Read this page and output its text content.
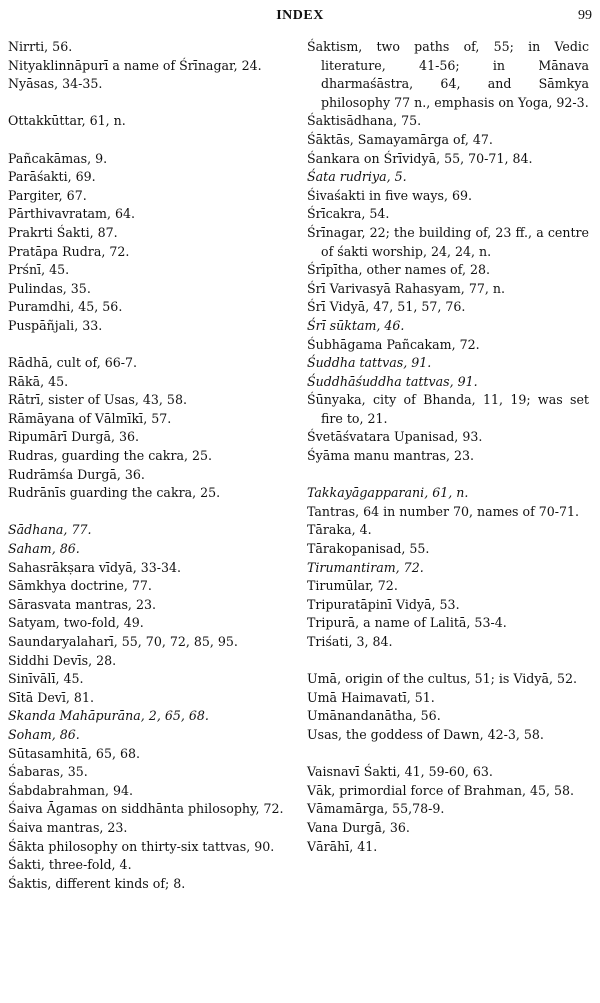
INDEX	99
Nirrti, 56.
Nityaklinnāpurī a name of Śrīnagar, 24.
Nyāsas, 34-35.
Ottakkūttar, 61, n.
Pañcakāmas, 9.
Parāśakti, 69.
Pargiter, 67.
Pārthivavratam, 64.
Prakrti Śakti, 87.
Pratāpa Rudra, 72.
Prśnī, 45.
Pulindas, 35.
Puramdhi, 45, 56.
Puspāñjali, 33.
Rādhā, cult of, 66-7.
Rākā, 45.
Rātrī, sister of Usas, 43, 58.
Rāmāyana of Vālmīkī, 57.
Ripumārī Durgā, 36.
Rudras, guarding the cakra, 25.
Rudrāmśa Durgā, 36.
Rudrānīs guarding the cakra, 25.
Sādhana, 77.
Saham, 86.
Sahasrākṣara vīdyā, 33-34.
Sāmkhya doctrine, 77.
Sārasvata mantras, 23.
Satyam, two-fold, 49.
Saundaryalaharī, 55, 70, 72, 85, 95.
Siddhi Devīs, 28.
Sinīvālī, 45.
Sītā Devī, 81.
Skanda Mahāpurāna, 2, 65, 68.
Soham, 86.
Sūtasamhitā, 65, 68.
Śabaras, 35.
Śabdabrahman, 94.
Śaiva Āgamas on siddhānta philosophy, 72.
Śaiva mantras, 23.
Śākta philosophy on thirty-six tattvas, 90.
Śakti, three-fold, 4.
Śaktis, different kinds of; 8.
Śaktism, two paths of, 55; in Vedic literature, 41-56; in Mānava dharmaśāstra, 64, and Sāmkya philosophy 77 n., emphasis on Yoga, 92-3.
Śaktisādhana, 75.
Śāktās, Samayamārga of, 47.
Śankara on Śrīvidyā, 55, 70-71, 84.
Śata rudriya, 5.
Śivaśakti in five ways, 69.
Śrīcakra, 54.
Śrīnagar, 22; the building of, 23 ff., a centre of śakti worship, 24, 24, n.
Śrīpītha, other names of, 28.
Śrī Varivasyā Rahasyam, 77, n.
Śrī Vidyā, 47, 51, 57, 76.
Śrī sūktam, 46.
Śubhāgama Pañcakam, 72.
Śuddha tattvas, 91.
Śuddhāśuddha tattvas, 91.
Śūnyaka, city of Bhanda, 11, 19; was set fire to, 21.
Śvetāśvatara Upanisad, 93.
Śyāma manu mantras, 23.
Takkayāgapparani, 61, n.
Tantras, 64 in number 70, names of 70-71.
Tāraka, 4.
Tārakopanisad, 55.
Tirumantiram, 72.
Tirumūlar, 72.
Tripuratāpinī Vidyā, 53.
Tripurā, a name of Lalitā, 53-4.
Triśati, 3, 84.
Umā, origin of the cultus, 51; is Vidyā, 52.
Umā Haimavatī, 51.
Umānandanātha, 56.
Usas, the goddess of Dawn, 42-3, 58.
Vaisnavī Śakti, 41, 59-60, 63.
Vāk, primordial force of Brahman, 45, 58.
Vāmamārga, 55,78-9.
Vana Durgā, 36.
Vārāhī, 41.
